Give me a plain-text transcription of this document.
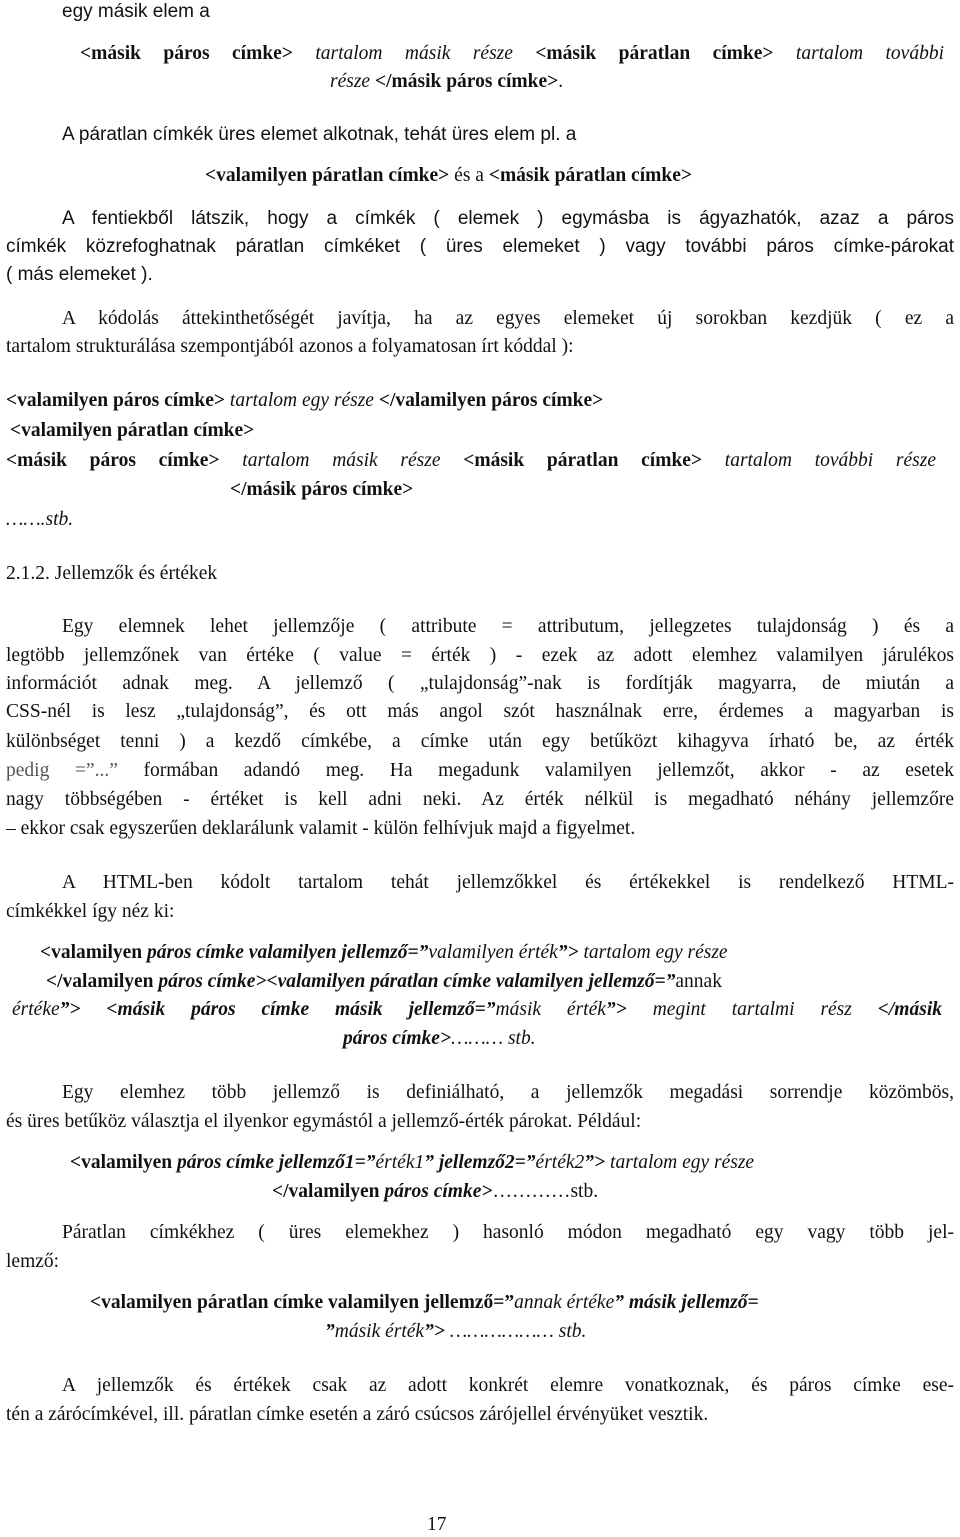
egy másik elem a
<másik páros címke> tartalom másik része <másik páratlan címke> tartalom további
része </másik páros címke>.
A páratlan címkék üres elemet alkotnak, tehát üres elem pl. a
<valamilyen páratlan címke> és a <másik páratlan címke>
A fentiekből látszik, hogy a címkék ( elemek ) egymásba is ágyazhatók, azaz a páros
címkék közrefoghatnak páratlan címkéket ( üres elemeket ) vagy további páros címke-párokat
( más elemeket ).
A kódolás áttekinthetőségét javítja, ha az egyes elemeket új sorokban kezdjük ( ez a
tartalom strukturálása szempontjából azonos a folyamatosan írt kóddal ):
<valamilyen páros címke> tartalom egy része </valamilyen páros címke>
<valamilyen páratlan címke>
<másik páros címke> tartalom másik része <másik páratlan címke> tartalom további része
</másik páros címke>
…….stb.
2.1.2. Jellemzők és értékek
Egy elemnek lehet jellemzője ( attribute = attributum, jellegzetes tulajdonság ) és a
legtöbb jellemzőnek van értéke ( value = érték ) - ezek az adott elemhez valamilyen járulékos
információt adnak meg. A jellemző ( „tulajdonság”-nak is fordítják magyarra, de miután a
CSS-nél is lesz „tulajdonság”, és ott más angol szót használnak erre, érdemes a magyarban is
különbséget tenni ) a kezdő címkébe, a címke után egy betűközt kihagyva írható be, az érték
pedig =”...” formában adandó meg. Ha megadunk valamilyen jellemzőt, akkor - az esetek
nagy többségében - értéket is kell adni neki. Az érték nélkül is megadható néhány jellemzőre
– ekkor csak egyszerűen deklarálunk valamit - külön felhívjuk majd a figyelmet.
A HTML-ben kódolt tartalom tehát jellemzőkkel és értékekkel is rendelkező HTML-
címkékkel így néz ki:
<valamilyen páros címke valamilyen jellemző=”valamilyen érték”> tartalom egy része
</valamilyen páros címke><valamilyen páratlan címke valamilyen jellemző=”annak
értéke”> <másik páros címke másik jellemző=”másik érték”> megint tartalmi rész </másik
páros címke>……… stb.
Egy elemhez több jellemző is definiálható, a jellemzők megadási sorrendje közömbös,
és üres betűköz választja el ilyenkor egymástól a jellemző-érték párokat. Például:
<valamilyen páros címke jellemző1=”érték1” jellemző2=”érték2”> tartalom egy része
</valamilyen páros címke>…………stb.
Páratlan címkékhez ( üres elemekhez ) hasonló módon megadható egy vagy több jel-
lemző:
<valamilyen páratlan címke valamilyen jellemző=”annak értéke” másik jellemző=
”másik érték”> ……………… stb.
A jellemzők és értékek csak az adott konkrét elemre vonatkoznak, és páros címke ese-
tén a zárócímkével, ill. páratlan címke esetén a záró csúcsos zárójellel érvényüket vesztik.
17
